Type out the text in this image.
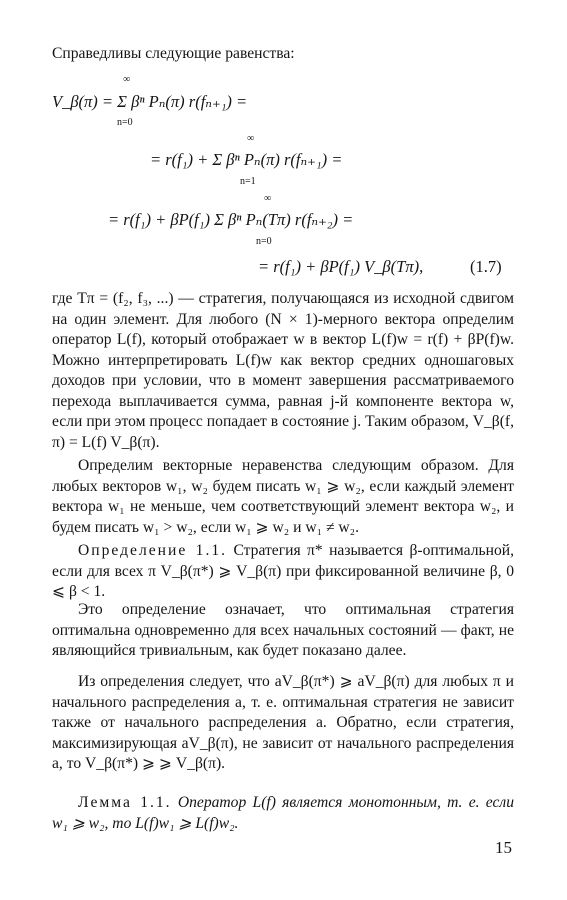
Справедливы следующие равенства:

V_β(π) = Σ βⁿ Pₙ(π) r(fₙ₊₁) =
∞
n=0
= r(f₁) + Σ βⁿ Pₙ(π) r(fₙ₊₁) =
∞
n=1
= r(f₁) + βP(f₁) Σ βⁿ Pₙ(Tπ) r(fₙ₊₂) =
∞
n=0
= r(f₁) + βP(f₁) V_β(Tπ),	(1.7)

где Tπ = (f₂, f₃, ...) — стратегия, получающаяся из исходной сдвигом на один элемент. Для любого (N × 1)-мерного вектора определим оператор L(f), который отображает w в вектор L(f)w = r(f) + βP(f)w. Можно интерпретировать L(f)w как вектор средних одношаговых доходов при условии, что в момент завершения рассматриваемого перехода выплачивается сумма, равная j-й компоненте вектора w, если при этом процесс попадает в состояние j. Таким образом, V_β(f, π) = L(f) V_β(π).

Определим векторные неравенства следующим образом. Для любых векторов w₁, w₂ будем писать w₁ ⩾ w₂, если каждый элемент вектора w₁ не меньше, чем соответствующий элемент вектора w₂, и будем писать w₁ > w₂, если w₁ ⩾ w₂ и w₁ ≠ w₂.

Определение 1.1. Стратегия π* называется β-оптимальной, если для всех π V_β(π*) ⩾ V_β(π) при фиксированной величине β, 0 ⩽ β < 1.

Это определение означает, что оптимальная стратегия оптимальна одновременно для всех начальных состояний — факт, не являющийся тривиальным, как будет показано далее.

Из определения следует, что aV_β(π*) ⩾ aV_β(π) для любых π и начального распределения a, т. е. оптимальная стратегия не зависит также от начального распределения a. Обратно, если стратегия, максимизирующая aV_β(π), не зависит от начального распределения a, то V_β(π*) ⩾ ⩾ V_β(π).

Лемма 1.1. Оператор L(f) является монотонным, т. е. если w₁ ⩾ w₂, то L(f)w₁ ⩾ L(f)w₂.

15
